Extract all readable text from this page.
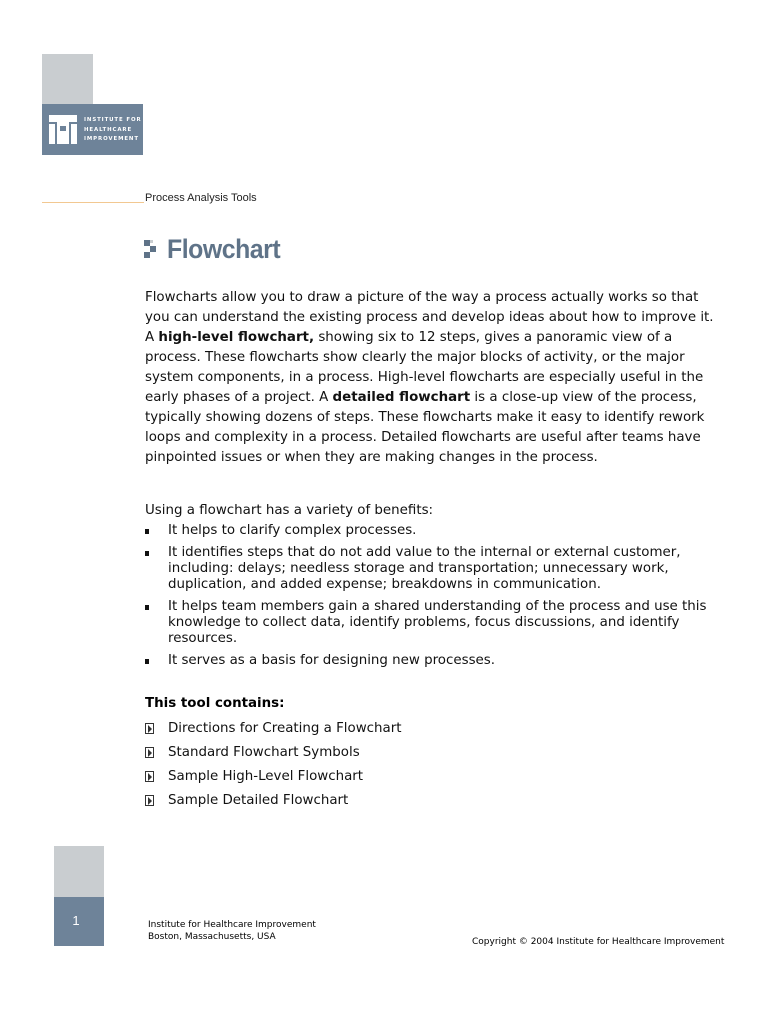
INSTITUTE FOR
HEALTHCARE
IMPROVEMENT
Process Analysis Tools
Flowchart
Flowcharts allow you to draw a picture of the way a process actually works so that you can understand the existing process and develop ideas about how to improve it. A high-level flowchart, showing six to 12 steps, gives a panoramic view of a process. These flowcharts show clearly the major blocks of activity, or the major system components, in a process. High-level flowcharts are especially useful in the early phases of a project. A detailed flowchart is a close-up view of the process, typically showing dozens of steps. These flowcharts make it easy to identify rework loops and complexity in a process. Detailed flowcharts are useful after teams have pinpointed issues or when they are making changes in the process.
Using a flowchart has a variety of benefits:
It helps to clarify complex processes.
It identifies steps that do not add value to the internal or external customer, including: delays; needless storage and transportation; unnecessary work, duplication, and added expense; breakdowns in communication.
It helps team members gain a shared understanding of the process and use this knowledge to collect data, identify problems, focus discussions, and identify resources.
It serves as a basis for designing new processes.
This tool contains:
Directions for Creating a Flowchart
Standard Flowchart Symbols
Sample High-Level Flowchart
Sample Detailed Flowchart
1	Institute for Healthcare Improvement
Boston, Massachusetts, USA	Copyright © 2004 Institute for Healthcare Improvement
